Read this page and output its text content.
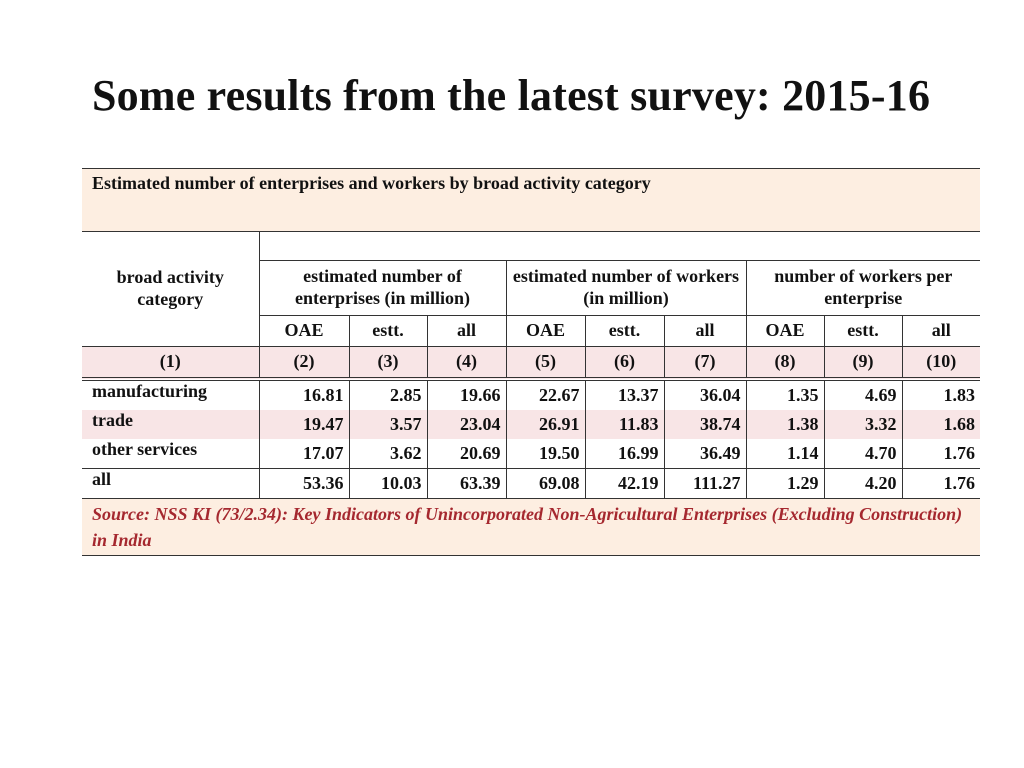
Some results from the latest survey: 2015-16
Estimated number of enterprises and workers by broad activity category									
broad activity category									
	estimated number of enterprises (in million)			estimated number of workers (in million)			number of workers per enterprise		
	OAE	estt.	all	OAE	estt.	all	OAE	estt.	all
(1)	(2)	(3)	(4)	(5)	(6)	(7)	(8)	(9)	(10)
manufacturing	16.81	2.85	19.66	22.67	13.37	36.04	1.35	4.69	1.83
trade	19.47	3.57	23.04	26.91	11.83	38.74	1.38	3.32	1.68
other services	17.07	3.62	20.69	19.50	16.99	36.49	1.14	4.70	1.76
all	53.36	10.03	63.39	69.08	42.19	111.27	1.29	4.20	1.76
Source: NSS KI (73/2.34): Key Indicators of Unincorporated Non-Agricultural Enterprises (Excluding Construction) in India									
